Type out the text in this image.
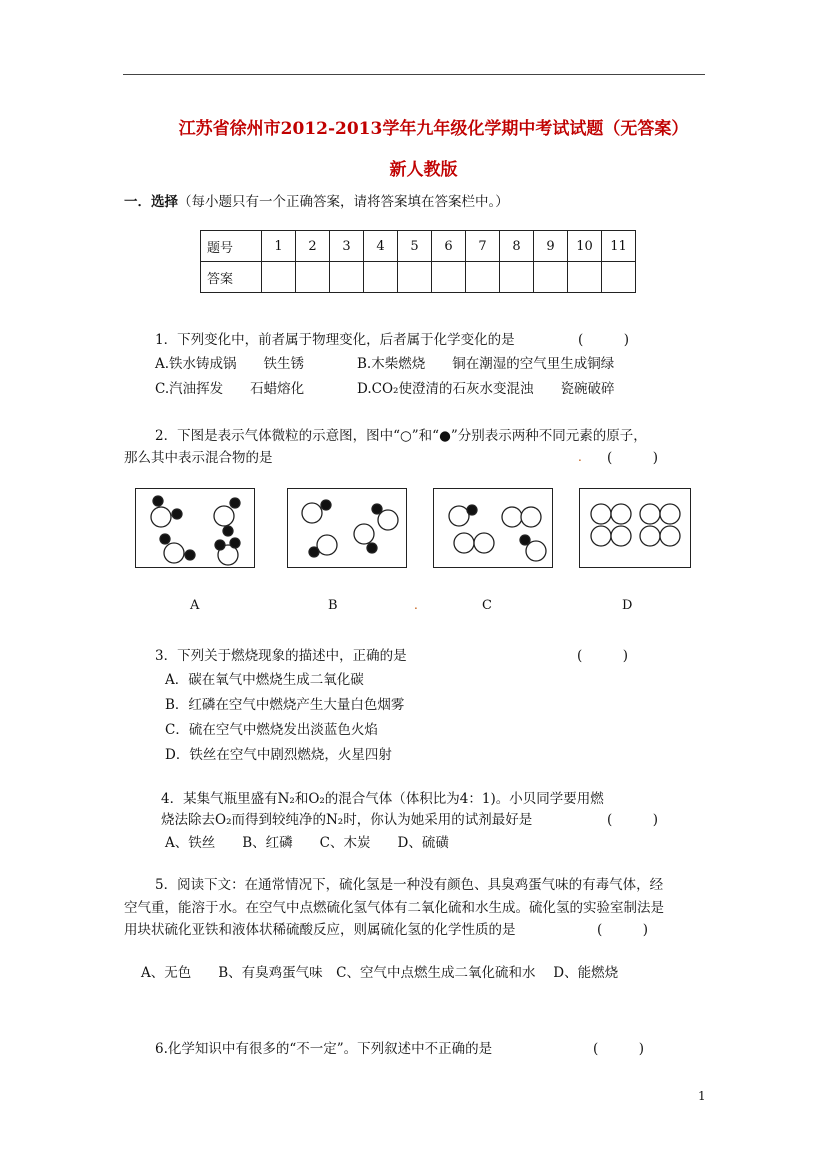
江苏省徐州市2012-2013学年九年级化学期中考试试题（无答案）
新人教版
一．选择（每小题只有一个正确答案，请将答案填在答案栏中。）
题号	1	2	3	4	5	6	7	8	9	10	11
答案											
1．下列变化中，前者属于物理变化，后者属于化学变化的是	(　　　)
A.铁水铸成锅　　铁生锈	B.木柴燃烧　　铜在潮湿的空气里生成铜绿
C.汽油挥发　　石蜡熔化	D.CO₂使澄清的石灰水变混浊　　瓷碗破碎
2．下图是表示气体微粒的示意图，图中“○”和“●”分别表示两种不同元素的原子，
那么其中表示混合物的是	. (　　　)
A	B	.	C	D
3．下列关于燃烧现象的描述中，正确的是	(　　　)
A．碳在氧气中燃烧生成二氧化碳
B．红磷在空气中燃烧产生大量白色烟雾
C．硫在空气中燃烧发出淡蓝色火焰
D．铁丝在空气中剧烈燃烧，火星四射
4．某集气瓶里盛有N₂和O₂的混合气体（体积比为4：1)。小贝同学要用燃
烧法除去O₂而得到较纯净的N₂时，你认为她采用的试剂最好是	(　　　)
A、铁丝　　B、红磷　　C、木炭　　D、硫磺
5．阅读下文：在通常情况下，硫化氢是一种没有颜色、具臭鸡蛋气味的有毒气体，经
空气重，能溶于水。在空气中点燃硫化氢气体有二氧化硫和水生成。硫化氢的实验室制法是
用块状硫化亚铁和液体状稀硫酸反应，则属硫化氢的化学性质的是	(　　　)
A、无色　　B、有臭鸡蛋气味　C、空气中点燃生成二氧化硫和水　 D、能燃烧
6.化学知识中有很多的“不一定”。下列叙述中不正确的是	(　　　)
1
